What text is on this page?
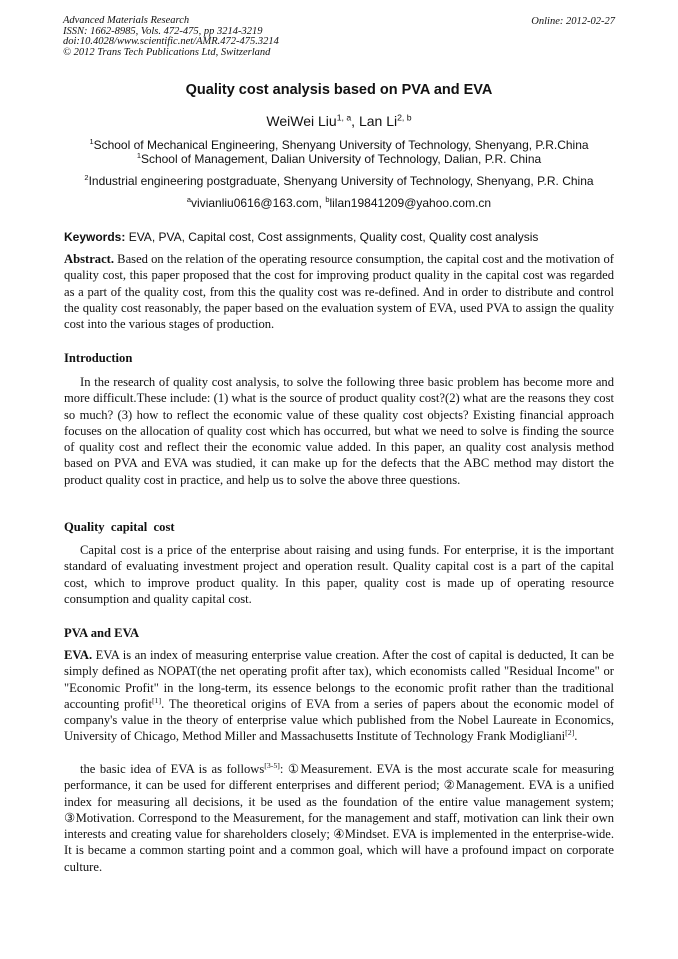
Advanced Materials Research
ISSN: 1662-8985, Vols. 472-475, pp 3214-3219
doi:10.4028/www.scientific.net/AMR.472-475.3214
© 2012 Trans Tech Publications Ltd, Switzerland
Online: 2012-02-27
Quality cost analysis based on PVA and EVA
WeiWei Liu$^{1, a}$, Lan Li$^{2, b}$
$^1$School of Mechanical Engineering, Shenyang University of Technology, Shenyang, P.R.China
$^1$School of Management, Dalian University of Technology, Dalian, P.R. China
$^2$Industrial engineering postgraduate, Shenyang University of Technology, Shenyang, P.R. China
$^a$vivianliu0616@163.com, $^b$lilan19841209@yahoo.com.cn
Keywords: EVA, PVA, Capital cost, Cost assignments, Quality cost, Quality cost analysis

Abstract. Based on the relation of the operating resource consumption, the capital cost and the motivation of quality cost, this paper proposed that the cost for improving product quality in the capital cost was regarded as a part of the quality cost, from this the quality cost was re-defined. And in order to distribute and control the quality cost reasonably, the paper based on the evaluation system of EVA, used PVA to assign the quality cost into the various stages of production.

Introduction

In the research of quality cost analysis, to solve the following three basic problem has become more and more difficult.These include: (1) what is the source of product quality cost?(2) what are the reasons they cost so much? (3) how to reflect the economic value of these quality cost objects? Existing financial approach focuses on the allocation of quality cost which has occurred, but what we need to solve is finding the source of quality cost and reflect their the economic value added. In this paper, an quality cost analysis method based on PVA and EVA was studied, it can make up for the defects that the ABC method may distort the product quality cost in practice, and help us to solve the above three questions.

Quality  capital  cost

Capital cost is a price of the enterprise about raising and using funds. For enterprise, it is the important standard of evaluating investment project and operation result. Quality capital cost is a part of the capital cost, which to improve product quality. In this paper, quality cost is made up of operating resource consumption and quality capital cost.

PVA and EVA

EVA. EVA is an index of measuring enterprise value creation. After the cost of capital is deducted, It can be simply defined as NOPAT(the net operating profit after tax), which economists called "Residual Income" or "Economic Profit" in the long-term, its essence belongs to the economic profit rather than the traditional accounting profit[1]. The theoretical origins of EVA from a series of papers about the economic model of company's value in the theory of enterprise value which published from the Nobel Laureate in Economics, University of Chicago, Method Miller and Massachusetts Institute of Technology Frank Modigliani[2].

the basic idea of EVA is as follows[3-5]: ①Measurement. EVA is the most accurate scale for measuring performance, it can be used for different enterprises and different period; ②Management. EVA is a unified index for measuring all decisions, it be used as the foundation of the entire value management system; ③Motivation. Correspond to the Measurement, for the management and staff, motivation can link their own interests and creating value for shareholders closely; ④Mindset. EVA is implemented in the enterprise-wide. It is became a common starting point and a common goal, which will have a profound impact on corporate culture.
